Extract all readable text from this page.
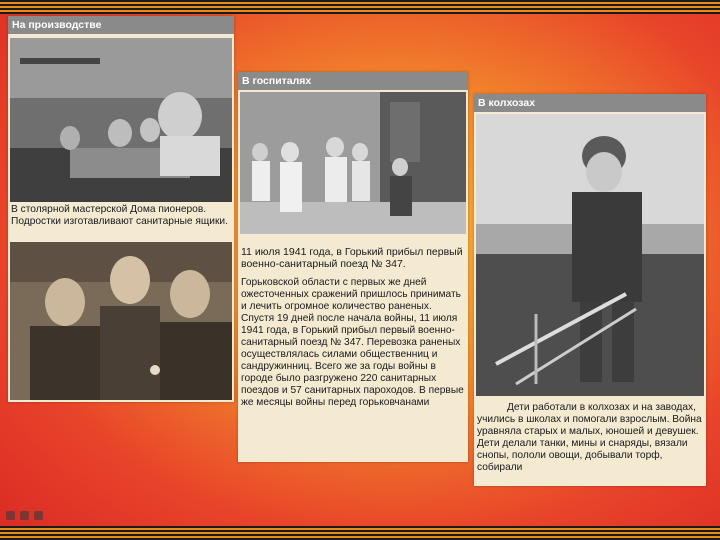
На производстве
В столярной мастерской Дома пионеров. Подростки изготавливают санитарные ящики.
В госпиталях
11 июля 1941 года, в Горький прибыл первый военно-санитарный поезд № 347.
Горьковской области с первых же дней ожесточенных сражений пришлось принимать и лечить огромное количество раненых. Спустя 19 дней после начала войны, 11 июля 1941 года, в Горький прибыл первый военно-санитарный поезд № 347. Перевозка раненых осуществлялась силами общественниц и сандружинниц. Всего же за годы войны в городе было разгружено 220 санитарных поездов и 57 санитарных пароходов. В первые же месяцы войны перед горьковчанами
В колхозах
Дети работали в колхозах и на заводах, учились в школах и помогали взрослым. Война уравняла старых и малых, юношей и девушек. Дети делали танки, мины и снаряды, вязали снопы, пололи овощи, добывали торф, собирали
